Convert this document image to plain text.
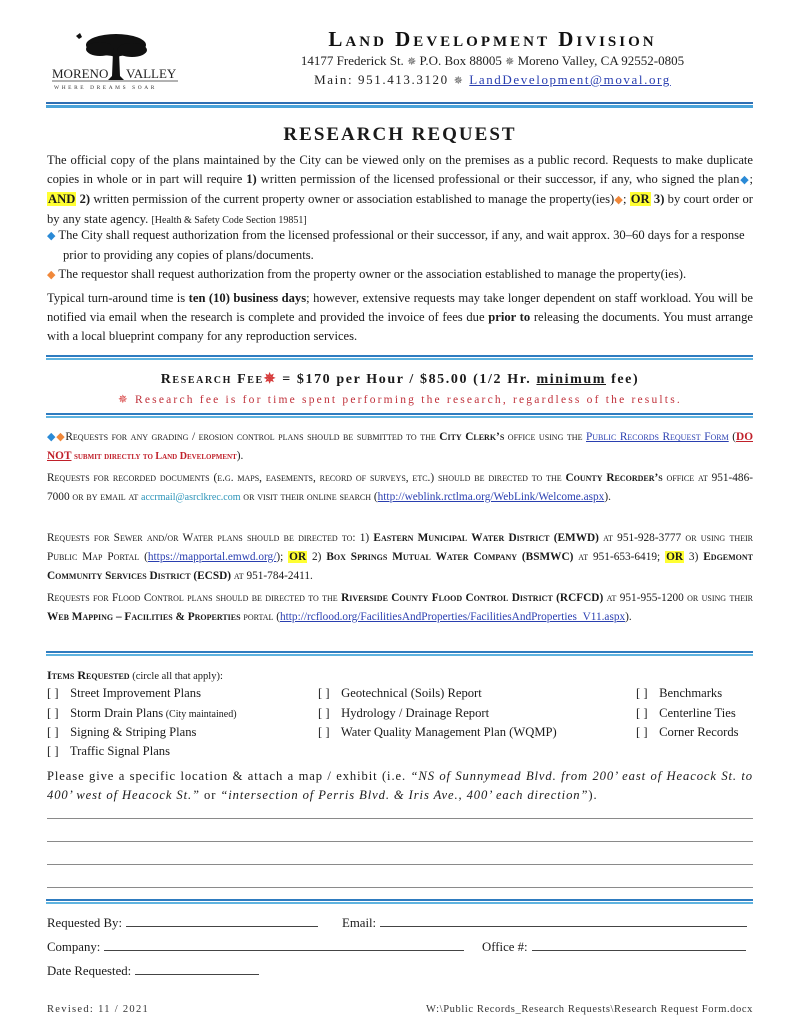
MORENO VALLEY
WHERE DREAMS SOAR
Land Development Division
14177 Frederick St. ✵ P.O. Box 88005 ✵ Moreno Valley, CA 92552-0805
Main: 951.413.3120 ✵ LandDevelopment@moval.org
RESEARCH REQUEST
The official copy of the plans maintained by the City can be viewed only on the premises as a public record. Requests to make duplicate copies in whole or in part will require 1) written permission of the licensed professional or their successor, if any, who signed the plan◆; AND 2) written permission of the current property owner or association established to manage the property(ies)◆; OR 3) by court order or by any state agency. [Health & Safety Code Section 19851]
◆ The City shall request authorization from the licensed professional or their successor, if any, and wait approx. 30–60 days for a response prior to providing any copies of plans/documents.
◆ The requestor shall request authorization from the property owner or the association established to manage the property(ies).
Typical turn-around time is ten (10) business days; however, extensive requests may take longer dependent on staff workload. You will be notified via email when the research is complete and provided the invoice of fees due prior to releasing the documents. You must arrange with a local blueprint company for any reproduction services.
Research Fee✵ = $170 per Hour / $85.00 (1/2 Hr. minimum fee)
✵ Research fee is for time spent performing the research, regardless of the results.
◆◆Requests for any grading / erosion control plans should be submitted to the City Clerk’s office using the Public Records Request Form (DO NOT submit directly to Land Development).
Requests for recorded documents (e.g. maps, easements, record of surveys, etc.) should be directed to the County Recorder’s office at 951-486-7000 or by email at accrmail@asrclkrec.com or visit their online search (http://weblink.rctlma.org/WebLink/Welcome.aspx).
Requests for Sewer and/or Water plans should be directed to: 1) Eastern Municipal Water District (EMWD) at 951-928-3777 or using their Public Map Portal (https://mapportal.emwd.org/); OR 2) Box Springs Mutual Water Company (BSMWC) at 951-653-6419; OR 3) Edgemont Community Services District (ECSD) at 951-784-2411.
Requests for Flood Control plans should be directed to the Riverside County Flood Control District (RCFCD) at 951-955-1200 or using their Web Mapping – Facilities & Properties portal (http://rcflood.org/FacilitiesAndProperties/FacilitiesAndProperties_V11.aspx).
Items Requested (circle all that apply):
[ ] Street Improvement Plans
[ ] Storm Drain Plans (City maintained)
[ ] Signing & Striping Plans
[ ] Traffic Signal Plans
[ ] Geotechnical (Soils) Report
[ ] Hydrology / Drainage Report
[ ] Water Quality Management Plan (WQMP)
[ ] Benchmarks
[ ] Centerline Ties
[ ] Corner Records
Please give a specific location & attach a map / exhibit (i.e. “NS of Sunnymead Blvd. from 200’ east of Heacock St. to 400’ west of Heacock St.” or “intersection of Perris Blvd. & Iris Ave., 400’ each direction”).
Requested By:	Email:
Company:	Office #:
Date Requested:
Revised: 11 / 2021	W:\Public Records_Research Requests\Research Request Form.docx
